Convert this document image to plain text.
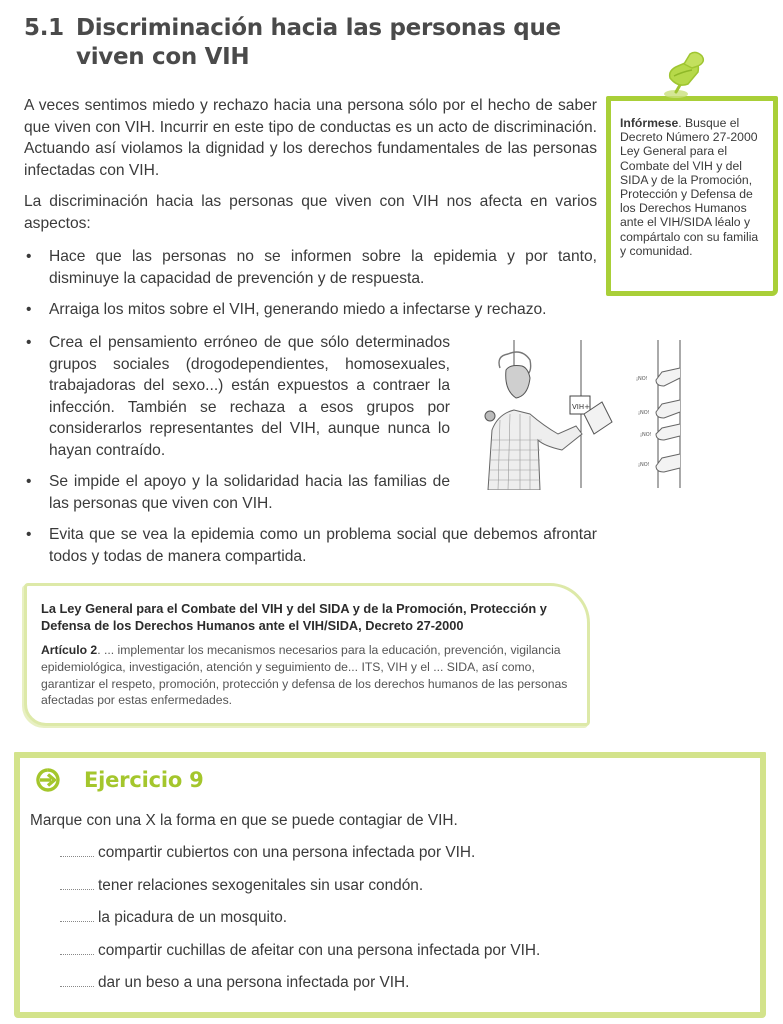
5.1 Discriminación hacia las personas que
viven con VIH

A veces sentimos miedo y rechazo hacia una persona sólo por el hecho de saber que viven con VIH. Incurrir en este tipo de conductas es un acto de discriminación. Actuando así violamos la dignidad y los derechos fundamentales de las personas infectadas con VIH.

La discriminación hacia las personas que viven con VIH nos afecta en varios aspectos:

• Hace que las personas no se informen sobre la epidemia y por tanto, disminuye la capacidad de prevención y de respuesta.
• Arraiga los mitos sobre el VIH, generando miedo a infectarse y rechazo.
• Crea el pensamiento erróneo de que sólo determinados grupos sociales (drogodependientes, homosexuales, trabajadoras del sexo...) están expuestos a contraer la infección. También se rechaza a esos grupos por considerarlos representantes del VIH, aunque nunca lo hayan contraído.
• Se impide el apoyo y la solidaridad hacia las familias de las personas que viven con VIH.
• Evita que se vea la epidemia como un problema social que debemos afrontar todos y todas de manera compartida.

Infórmese. Busque el Decreto Número 27-2000 Ley General para el Combate del VIH y del SIDA y de la Promoción, Protección y Defensa de los Derechos Humanos ante el VIH/SIDA léalo y compártalo con su familia y comunidad.

VIH+
¡NO!
¡NO!
¡NO!
¡NO!

La Ley General para el Combate del VIH y del SIDA y de la Promoción, Protección y Defensa de los Derechos Humanos ante el VIH/SIDA, Decreto 27-2000

Artículo 2. ... implementar los mecanismos necesarios para la educación, prevención, vigilancia epidemiológica, investigación, atención y seguimiento de... ITS, VIH y el ... SIDA, así como, garantizar el respeto, promoción, protección y defensa de los derechos humanos de las personas afectadas por estas enfermedades.

Ejercicio 9

Marque con una X la forma en que se puede contagiar de VIH.

compartir cubiertos con una persona infectada por VIH.
tener relaciones sexogenitales sin usar condón.
la picadura de un mosquito.
compartir cuchillas de afeitar con una persona infectada por VIH.
dar un beso a una persona infectada por VIH.
